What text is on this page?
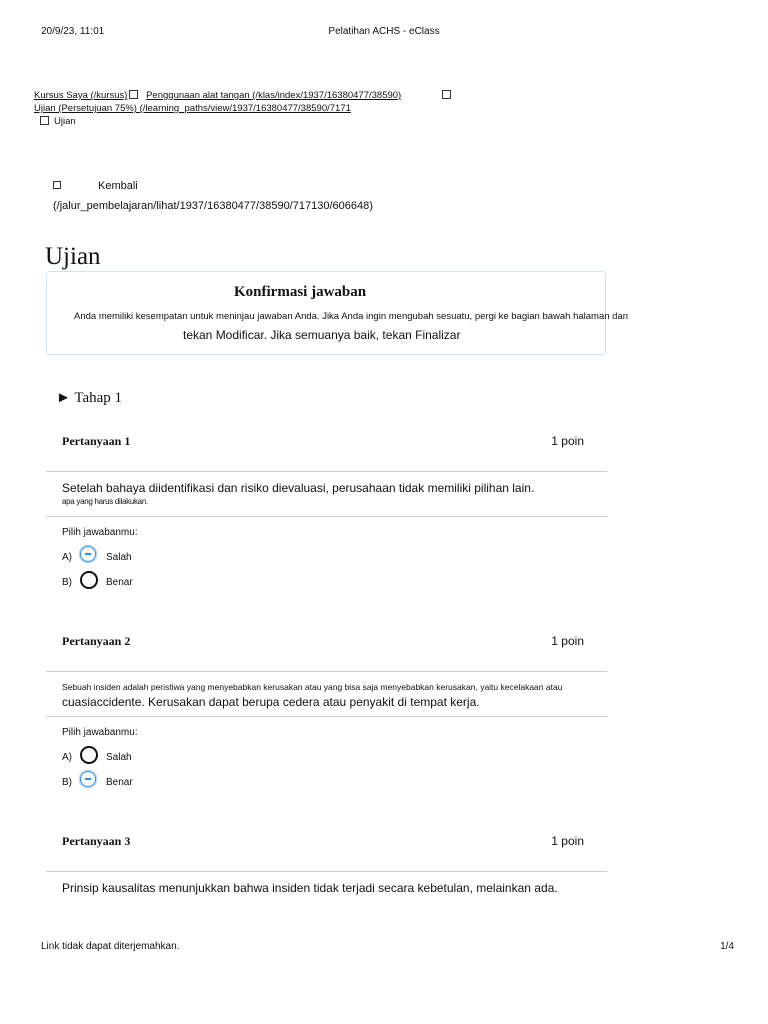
20/9/23, 11:01	Pelatihan ACHS - eClass
Kursus Saya (/kursus) Penggunaan alat tangan (/klas/index/1937/16380477/38590)  Ujian (Persetujuan 75%) (/learning_paths/view/1937/16380477/38590/7171
Ujian
Kembali
(/jalur_pembelajaran/lihat/1937/16380477/38590/717130/606648)
Ujian
Konfirmasi jawaban
Anda memiliki kesempatan untuk meninjau jawaban Anda. Jika Anda ingin mengubah sesuatu, pergi ke bagian bawah halaman dan
tekan Modificar. Jika semuanya baik, tekan Finalizar
► Tahap 1
Pertanyaan 1	1 poin
Setelah bahaya diidentifikasi dan risiko dievaluasi, perusahaan tidak memiliki pilihan lain.
apa yang harus dilakukan.
Pilih jawabanmu:
A)	Salah
B)	Benar
Pertanyaan 2	1 poin
Sebuah insiden adalah peristiwa yang menyebabkan kerusakan atau yang bisa saja menyebabkan kerusakan, yaitu kecelakaan atau
cuasiaccidente. Kerusakan dapat berupa cedera atau penyakit di tempat kerja.
Pilih jawabanmu:
A)	Salah
B)	Benar
Pertanyaan 3	1 poin
Prinsip kausalitas menunjukkan bahwa insiden tidak terjadi secara kebetulan, melainkan ada.
Link tidak dapat diterjemahkan.	1/4
